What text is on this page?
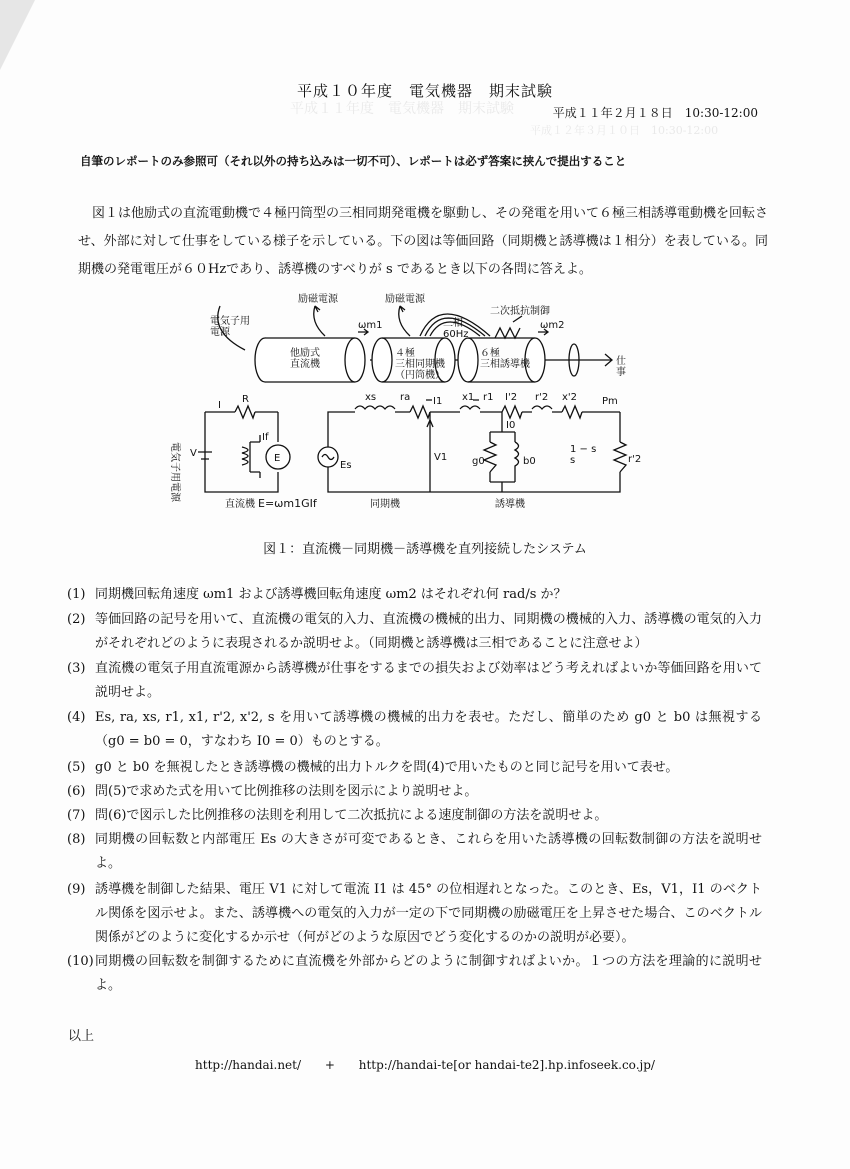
平成１１年度　電気機器　期末試験
平成１２年３月１０日　10:30-12:00
平成１０年度　電気機器　期末試験
平成１１年２月１８日　10:30-12:00
自筆のレポートのみ参照可（それ以外の持ち込みは一切不可）、レポートは必ず答案に挟んで提出すること
図１は他励式の直流電動機で４極円筒型の三相同期発電機を駆動し、その発電を用いて６極三相誘導電動機を回転させ、外部に対して仕事をしている様子を示している。下の図は等価回路（同期機と誘導機は１相分）を表している。同期機の発電電圧が６０Hzであり、誘導機のすべりが s であるとき以下の各問に答えよ。
電気子用電源
励磁電源	励磁電源
二次抵抗制御
他励式直流機
４極三相同期機（円筒機）
６極三相誘導機
三相 60Hz
ωm1	ωm2
仕事
電気子用電源 V
I
R
If
E
xs ra
Es
I1
V1
x1 r1 I'2 r'2 x'2 Pm
I0
g0	b0
1 − s s	r'2
直流機 E=ωm1GIf	同期機	誘導機
図１：直流機－同期機－誘導機を直列接続したシステム
(1) 同期機回転角速度 ωm1 および誘導機回転角速度 ωm2 はそれぞれ何 rad/s か？
(2) 等価回路の記号を用いて、直流機の電気的入力、直流機の機械的出力、同期機の機械的入力、誘導機の電気的入力がそれぞれどのように表現されるか説明せよ。（同期機と誘導機は三相であることに注意せよ）
(3) 直流機の電気子用直流電源から誘導機が仕事をするまでの損失および効率はどう考えればよいか等価回路を用いて説明せよ。
(4) Es, ra, xs, r1, x1, r'2, x'2, s を用いて誘導機の機械的出力を表せ。ただし、簡単のため g0 と b0 は無視する（g0 = b0 = 0，すなわち I0 = 0）ものとする。
(5) g0 と b0 を無視したとき誘導機の機械的出力トルクを問(4)で用いたものと同じ記号を用いて表せ。
(6) 問(5)で求めた式を用いて比例推移の法則を図示により説明せよ。
(7) 問(6)で図示した比例推移の法則を利用して二次抵抗による速度制御の方法を説明せよ。
(8) 同期機の回転数と内部電圧 Es の大きさが可変であるとき、これらを用いた誘導機の回転数制御の方法を説明せよ。
(9) 誘導機を制御した結果、電圧 V1 に対して電流 I1 は 45° の位相遅れとなった。このとき、Es，V1，I1 のベクトル関係を図示せよ。また、誘導機への電気的入力が一定の下で同期機の励磁電圧を上昇させた場合、このベクトル関係がどのように変化するか示せ（何がどのような原因でどう変化するのかの説明が必要）。
(10) 同期機の回転数を制御するために直流機を外部からどのように制御すればよいか。１つの方法を理論的に説明せよ。
以上
http://handai.net/ + http://handai-te[or handai-te2].hp.infoseek.co.jp/
